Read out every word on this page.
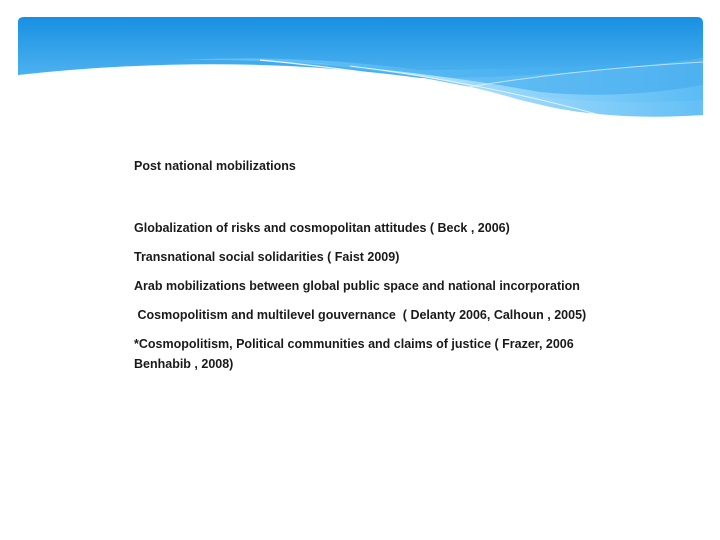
Post national mobilizations
Globalization of risks and cosmopolitan attitudes ( Beck , 2006)
Transnational social solidarities ( Faist 2009)
Arab mobilizations between global public space and national incorporation
Cosmopolitism and multilevel gouvernance  ( Delanty 2006, Calhoun , 2005)
*Cosmopolitism, Political communities and claims of justice ( Frazer, 2006
Benhabib , 2008)
